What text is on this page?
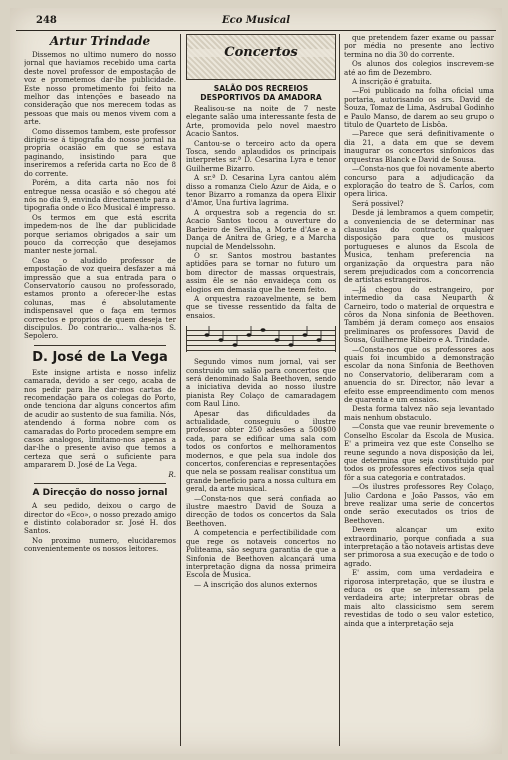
248	Eco Musical
Artur Trindade

Dissemos no ultimo numero do nosso jornal que haviamos recebido uma carta deste novel professor de empostação de voz e prometemos dar-lhe publicidade. Este nosso prometimento foi feito na melhor das intenções e baseado na consideração que nos merecem todas as pessoas que mais ou menos vivem com a arte.

Como dissemos tambem, este professor dirigiu-se á tipografia do nosso jornal na propria ocasião em que se estava paginando, insistindo para que inseriremos a referida carta no Eco de 8 do corrente.

Porém, a dita carta não nos foi entregue nessa ocasião e só chegou até nós no dia 9, envinda directamente para a tipografia onde o Eco Musical é impresso.

Os termos em que está escrita impedem-nos de lhe dar publicidade porque seriamos obrigados a sair um pouco da correcção que desejamos manter neste jornal.

Caso o aludido professor de empostação de voz queira desfazer a má impressão que a sua entrada para o Conservatorio causou no professorado, estamos pronto a oferecer-lhe estas colunas, mas é absolutamente indispensavel que o faça em termos correctos e proprios de quem deseja ter discipulos. Do contrario... valha-nos S. Sepolero.

D. José de La Vega

Este insigne artista e nosso infeliz camarada, devido a ser cego, acaba de nos pedir para lhe dar-mos cartas de recomendação para os colegas do Porto, onde tenciona dar alguns concertos afim de acudir ao sustento de sua familia. Nós, atendendo á forma nobre com os camaradas do Porto procedem sempre em casos analogos, limitamo-nos apenas a dar-lhe o presente aviso que temos a certeza que será o suficiente para ampararem D. José de La Vega.

R.

A Direcção do nosso jornal

A seu pedido, deixou o cargo de director do «Eco», o nosso prezado amigo e distinto colaborador sr. José H. dos Santos.

No proximo numero, elucidaremos convenientemente os nossos leitores.

Concertos
SALÃO DOS RECREIOS DESPORTIVOS DA AMADORA

Realisou-se na noite de 7 neste elegante salão uma interessante festa de Arte, promovida pelo novel maestro Acacio Santos.

Cantou-se o terceiro acto da opera Tosca, sendo aplaudidos os principais interpretes sr.ª D. Cesarina Lyra e tenor Guilherme Bizarro.

A sr.ª D. Cesarina Lyra cantou além disso a romanza Cielo Azur de Aida, e o tenor Bizarro a romanza da opera Elixir d'Amor, Una furtiva lagrima.

A orquestra sob a regencia do sr. Acacio Santos tocou a ouverture do Barbeiro de Sevilha, a Morte d'Ase e a Dança de Anitra de Grieg, e a Marcha nupcial de Mendelssohn.

O sr. Santos mostrou bastantes aptidões para se tornar no futuro um bom director de massas orquestrais, assim êle se não envaideça com os elogios em demasia que lhe teem feito.

A orquestra razoavelmente, se bem que se tivesse ressentido da falta de ensaios.

Segundo vimos num jornal, vai ser construido um salão para concertos que será denominado Sala Beethoven, sendo a iniciativa devida ao nosso ilustre pianista Rey Colaço de camaradagem com Raul Lino.

Apesar das dificuldades da actualidade, conseguiu o ilustre professor obter 250 adesões a 500$00 cada, para se edificar uma sala com todos os confortos e melhoramentos modernos, e que pela sua indole dos concertos, conferencias e representações que nela se possam realisar constitua um grande beneficio para a nossa cultura em geral, da arte musical.

—Consta-nos que será confiada ao ilustre maestro David de Souza a direcção de todos os concertos da Sala Beethoven.

A competencia e perfectibilidade com que rege os notaveis concertos no Politeama, são segura garantia de que a Sinfonia de Beethoven alcançará uma interpretação digna da nossa primeira Escola de Musica.

— A inscrição dos alunos externos

que pretendem fazer exame ou passar por média no presente ano lectivo termina no dia 30 do corrente.

Os alunos dos colegios inscrevem-se até ao fim de Dezembro.

A inscrição é gratuita.

—Foi publicado na folha oficial uma portaria, autorisando os srs. David de Souza, Tomaz de Lima, Asdrubal Godinho e Paulo Manso, de darem ao seu grupo o titulo de Quarteto de Lisbôa.

—Parece que será definitivamente o dia 21, a data em que se devem inaugurar os concertos sinfonicos das orquestras Blanck e David de Sousa.

—Consta-nos que foi novamente aberto concurso para a adjudicação da exploração do teatro de S. Carlos, com opera lirica.

Será possivel?

Desde já lembramos a quem competir, a conveniencia de se determinar nas clausulas do contracto, qualquer disposição para que os musicos portugueses e alunos da Escola de Musica, tenham preferencia na organização da orquestra para não serem prejudicados com a concorrencia de artistas estrangeiros.

—Já chegou do estrangeiro, por intermedio da casa Neuparth & Carneiro, todo o material de orquestra e côros da Nona sinfonia de Beethoven. Também já deram começo aos ensaios preliminares os professores David de Sousa, Guilherme Ribeiro e A. Trindade.

—Consta-nos que os professores aos quais foi incumbido a demonstração escolar da nona Sinfonia de Beethoven no Conservatorio, deliberaram com a anuencia do sr. Director, não levar a efeito esse empreendimento com menos de quarenta e um ensaios.

Desta forma talvez não seja levantado mais nenhum obstaculo.

—Consta que vae reunir brevemente o Conselho Escolar da Escola de Musica. E' a primeira vez que este Conselho se reune segundo a nova disposição da lei, que determina que seja constituido por todos os professores efectivos seja qual fôr a sua categoria e contratados.

—Os ilustres professores Rey Colaço, Julio Cardona e João Passos, vão em breve realizar uma serie de concertos onde serão executados os trios de Beethoven.

Devem alcançar um exito extraordinario, porque confiada a sua interpretação a tão notaveis artistas deve ser primorosa a sua execução e de todo o agrado.

E' assim, com uma verdadeira e rigorosa interpretação, que se ilustra e educa os que se interessam pela verdadeira arte; interpretar obras de mais alto classicismo sem serem revestidas de todo o seu valor estetico, ainda que a interpretação seja
